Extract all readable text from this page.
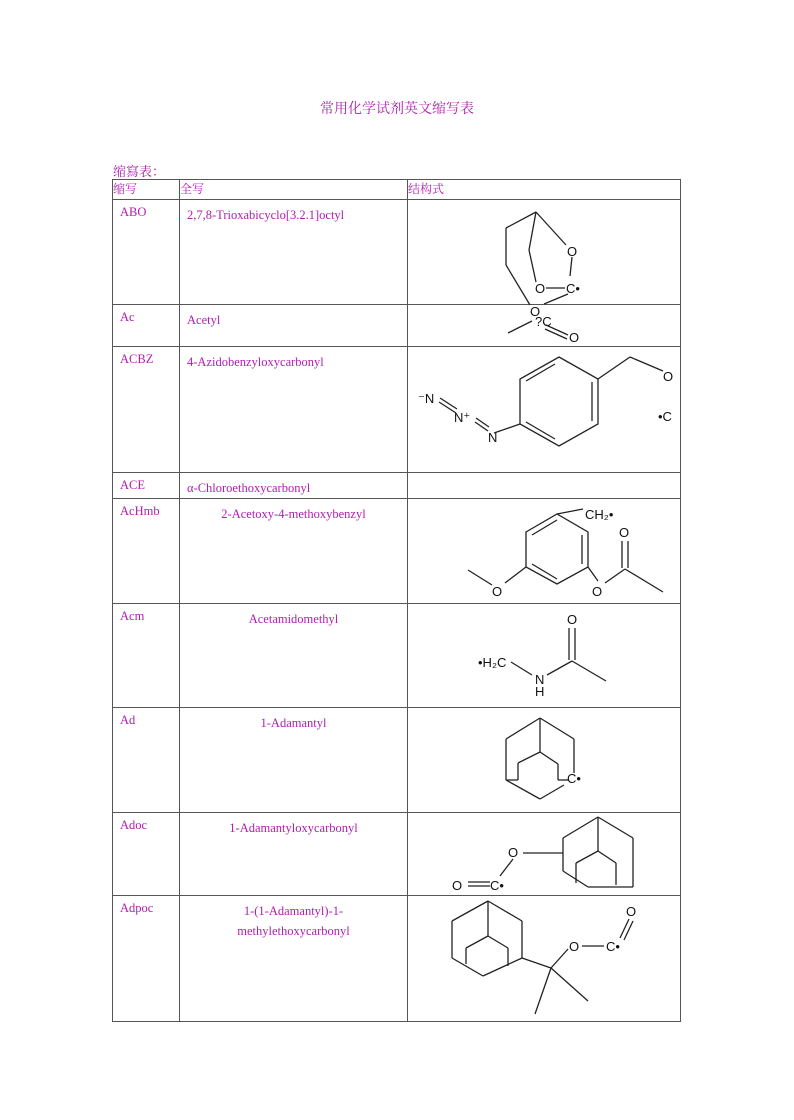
常用化学试剂英文缩写表
缩寫表：
缩写	全写	结构式
ABO	2,7,8-Trioxabicyclo[3.2.1]octyl	O
O C•
O

Ac	Acetyl	?C
O

ACBZ	4-Azidobenzyloxycarbonyl	O
•C
N
N⁺
⁻N

ACE	α-Chloroethoxycarbonyl	
AcHmb	2-Acetoxy-4-methoxybenzyl	CH₂•
O
O
O

Acm	Acetamidomethyl	•H₂C
N
H
O

Ad	1-Adamantyl	C•

Adoc	1-Adamantyloxycarbonyl	O
C•
O

Adpoc	1-(1-Adamantyl)-1-methylethoxycarbonyl	O C•
O
